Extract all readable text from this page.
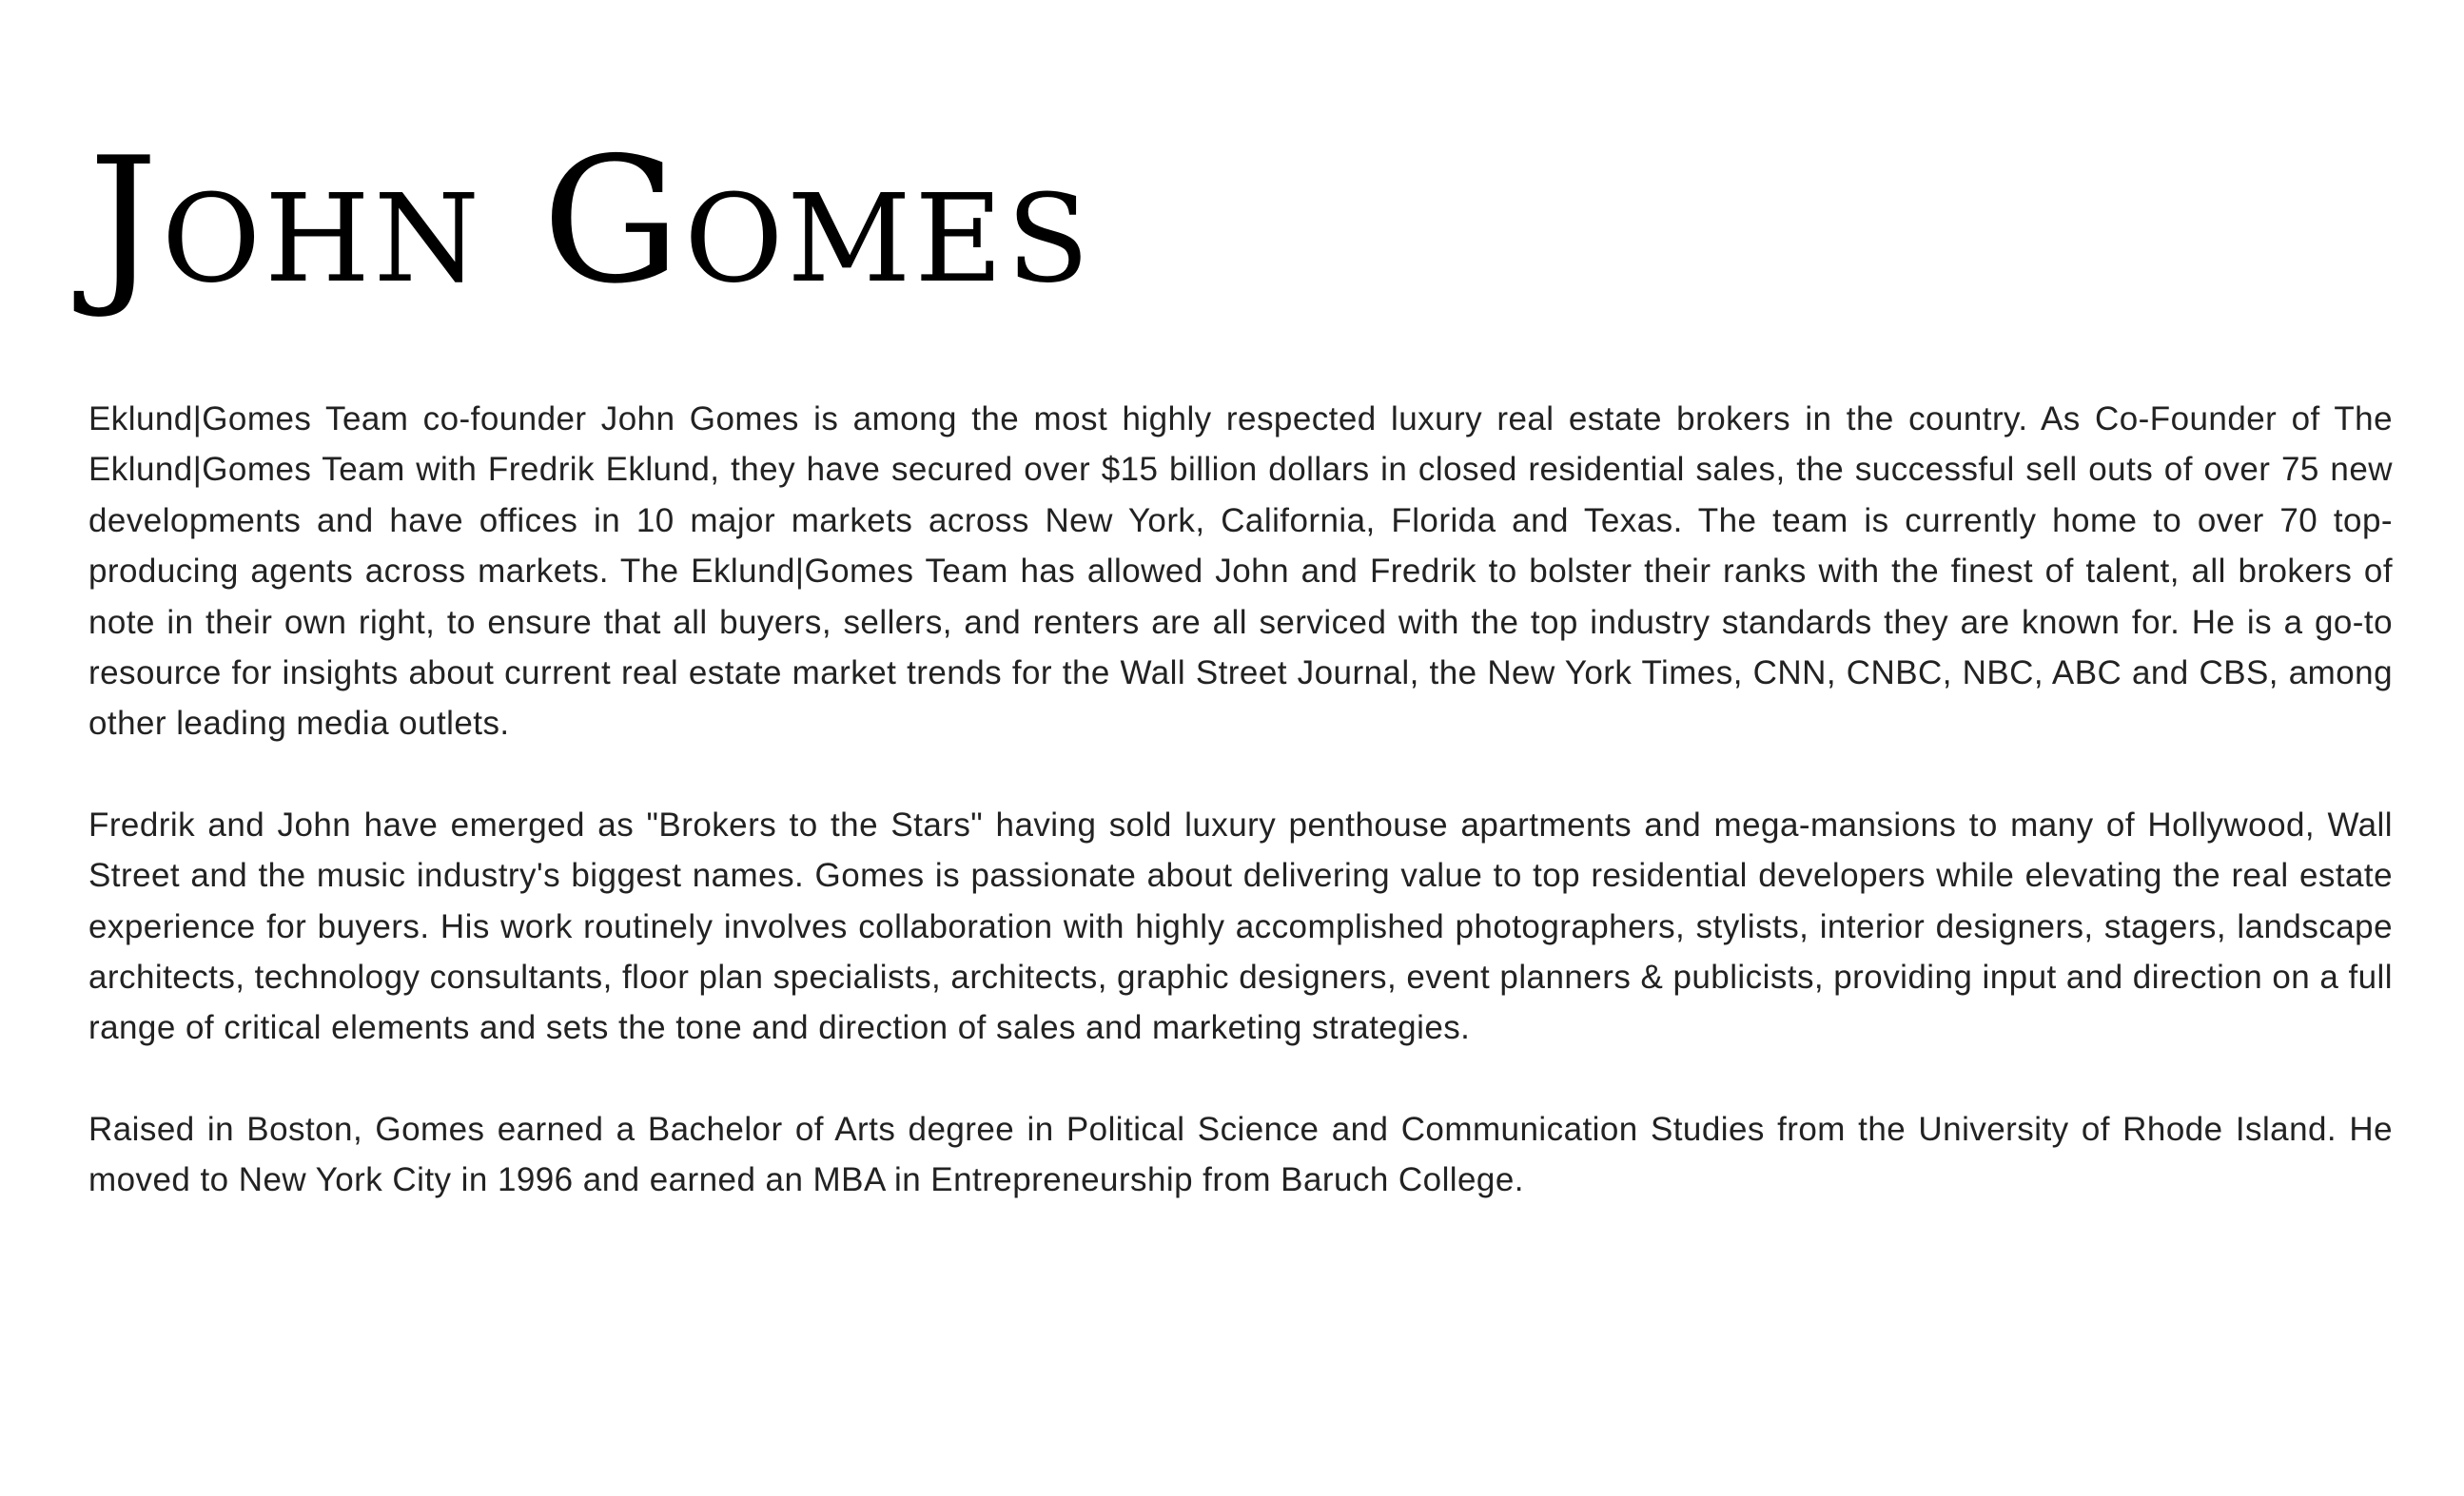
John Gomes

Eklund|Gomes Team co-founder John Gomes is among the most highly respected luxury real estate brokers in the country. As Co-Founder of The Eklund|Gomes Team with Fredrik Eklund, they have secured over $15 billion dollars in closed residential sales, the successful sell outs of over 75 new developments and have offices in 10 major markets across New York, California, Florida and Texas. The team is currently home to over 70 top-producing agents across markets. The Eklund|Gomes Team has allowed John and Fredrik to bolster their ranks with the finest of talent, all brokers of note in their own right, to ensure that all buyers, sellers, and renters are all serviced with the top industry standards they are known for. He is a go-to resource for insights about current real estate market trends for the Wall Street Journal, the New York Times, CNN, CNBC, NBC, ABC and CBS, among other leading media outlets.

Fredrik and John have emerged as "Brokers to the Stars" having sold luxury penthouse apartments and mega-mansions to many of Hollywood, Wall Street and the music industry's biggest names. Gomes is passionate about delivering value to top residential developers while elevating the real estate experience for buyers. His work routinely involves collaboration with highly accomplished photographers, stylists, interior designers, stagers, landscape architects, technology consultants, floor plan specialists, architects, graphic designers, event planners & publicists, providing input and direction on a full range of critical elements and sets the tone and direction of sales and marketing strategies.

Raised in Boston, Gomes earned a Bachelor of Arts degree in Political Science and Communication Studies from the University of Rhode Island. He moved to New York City in 1996 and earned an MBA in Entrepreneurship from Baruch College.
